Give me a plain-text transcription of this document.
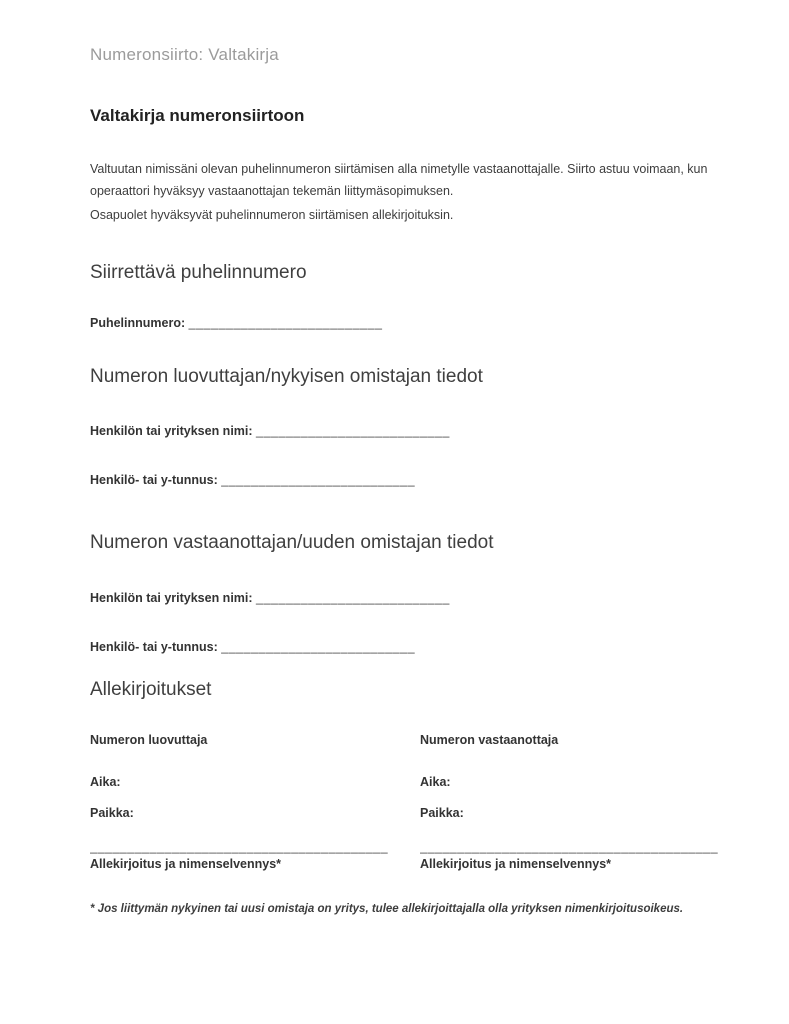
Numeronsiirto: Valtakirja
Valtakirja numeronsiirtoon
Valtuutan nimissäni olevan puhelinnumeron siirtämisen alla nimetylle vastaanottajalle. Siirto astuu voimaan, kun operaattori hyväksyy vastaanottajan tekemän liittymäsopimuksen.
Osapuolet hyväksyvät puhelinnumeron siirtämisen allekirjoituksin.
Siirrettävä puhelinnumero
Puhelinnumero: __________________________
Numeron luovuttajan/nykyisen omistajan tiedot
Henkilön tai yrityksen nimi: __________________________
Henkilö- tai y-tunnus: __________________________
Numeron vastaanottajan/uuden omistajan tiedot
Henkilön tai yrityksen nimi: __________________________
Henkilö- tai y-tunnus: __________________________
Allekirjoitukset
Numeron luovuttaja
Aika:
Paikka:
________________________________________
Allekirjoitus ja nimenselvennys*
Numeron vastaanottaja
Aika:
Paikka:
________________________________________
Allekirjoitus ja nimenselvennys*
* Jos liittymän nykyinen tai uusi omistaja on yritys, tulee allekirjoittajalla olla yrityksen nimenkirjoitusoikeus.
